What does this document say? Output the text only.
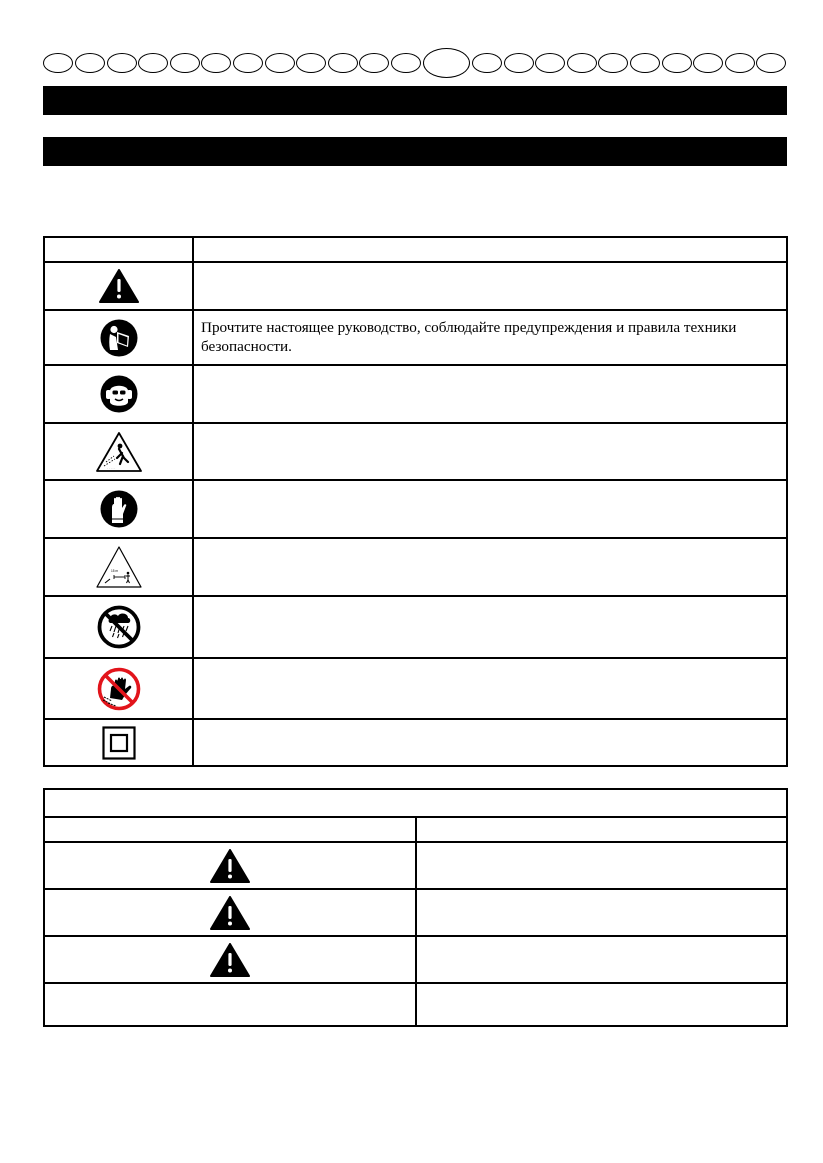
	Прочтите настоящее руководство, соблюдайте предупреждения и правила техники безопасности.

· · · · ·	

15 m	
